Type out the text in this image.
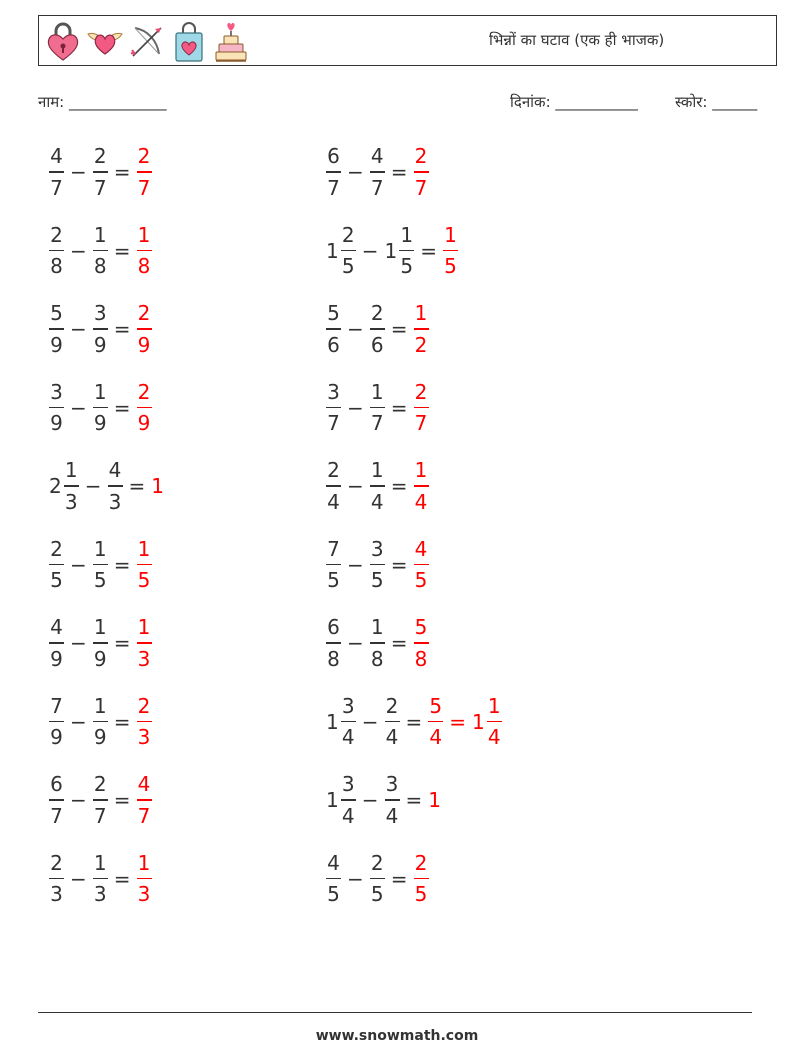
भिन्नों का घटाव (एक ही भाजक)
नाम: _____________	दिनांक: ___________ स्कोर: ______
$\frac{4}{7} - \frac{2}{7} = \frac{2}{7}$	$\frac{6}{7} - \frac{4}{7} = \frac{2}{7}$
$\frac{2}{8} - \frac{1}{8} = \frac{1}{8}$	$1 \frac{2}{5} - 1 \frac{1}{5} = \frac{1}{5}$
$\frac{5}{9} - \frac{3}{9} = \frac{2}{9}$	$\frac{5}{6} - \frac{2}{6} = \frac{1}{2}$
$\frac{3}{9} - \frac{1}{9} = \frac{2}{9}$	$\frac{3}{7} - \frac{1}{7} = \frac{2}{7}$
$2 \frac{1}{3} - \frac{4}{3} = 1$	$\frac{2}{4} - \frac{1}{4} = \frac{1}{4}$
$\frac{2}{5} - \frac{1}{5} = \frac{1}{5}$	$\frac{7}{5} - \frac{3}{5} = \frac{4}{5}$
$\frac{4}{9} - \frac{1}{9} = \frac{1}{3}$	$\frac{6}{8} - \frac{1}{8} = \frac{5}{8}$
$\frac{7}{9} - \frac{1}{9} = \frac{2}{3}$	$1 \frac{3}{4} - \frac{2}{4} = \frac{5}{4} = 1 \frac{1}{4}$
$\frac{6}{7} - \frac{2}{7} = \frac{4}{7}$	$1 \frac{3}{4} - \frac{3}{4} = 1$
$\frac{2}{3} - \frac{1}{3} = \frac{1}{3}$	$\frac{4}{5} - \frac{2}{5} = \frac{2}{5}$
www.snowmath.com
